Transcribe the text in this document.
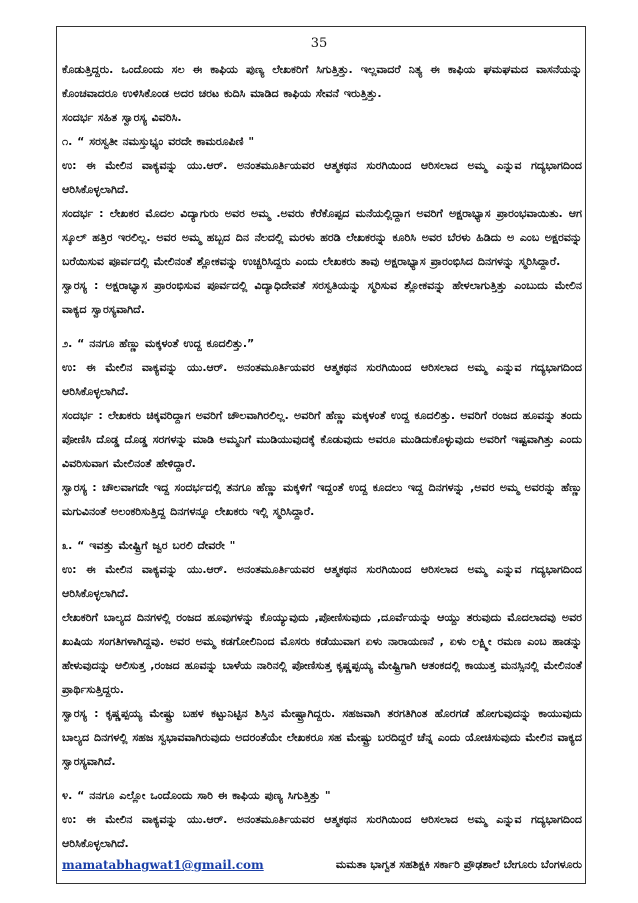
35

ಕೊಡುತ್ತಿದ್ದರು. ಒಂದೊಂದು ಸಲ ಈ ಕಾಫಿಯ ಪುಣ್ಯ ಲೇಖಕರಿಗೆ ಸಿಗುತ್ತಿತ್ತು. ಇಲ್ಲವಾದರೆ ನಿತ್ಯ ಈ ಕಾಫಿಯ ಘಮಘಮದ ವಾಸನೆಯನ್ನು ಕೊಂಚವಾದರೂ ಉಳಿಸಿಕೊಂಡ ಅದರ ಚರಟ ಕುದಿಸಿ ಮಾಡಿದ ಕಾಫಿಯ ಸೇವನೆ ಇರುತ್ತಿತ್ತು.

ಸಂದರ್ಭ ಸಹಿತ ಸ್ವಾರಸ್ಯ ವಿವರಿಸಿ.

೧. “ ಸರಸ್ವತೀ ನಮಸ್ತುಭ್ಯಂ ವರದೇ ಕಾಮರೂಪಿಣಿ "

ಉ: ಈ ಮೇಲಿನ ವಾಕ್ಯವನ್ನು ಯು.ಆರ್. ಅನಂತಮೂರ್ತಿಯವರ ಆತ್ಮಕಥನ ಸುರಗಿಯಿಂದ ಆರಿಸಲಾದ ಅಮ್ಮ ಎನ್ನುವ ಗದ್ಯಭಾಗದಿಂದ ಆರಿಸಿಕೊಳ್ಳಲಾಗಿದೆ.

ಸಂದರ್ಭ : ಲೇಖಕರ ಮೊದಲ ವಿದ್ಯಾಗುರು ಅವರ ಅಮ್ಮ .ಅವರು ಕೆರೆಕೊಪ್ಪದ ಮನೆಯಲ್ಲಿದ್ದಾಗ ಅವರಿಗೆ ಅಕ್ಷರಾಭ್ಯಾಸ ಪ್ರಾರಂಭವಾಯಿತು. ಆಗ ಸ್ಕೂಲ್ ಹತ್ತಿರ ಇರಲಿಲ್ಲ. ಅವರ ಅಮ್ಮ ಹಬ್ಬದ ದಿನ ನೆಲದಲ್ಲಿ ಮರಳು ಹರಡಿ ಲೇಖಕರನ್ನು ಕೂರಿಸಿ ಅವರ ಬೆರಳು ಹಿಡಿದು ಅ ಎಂಬ ಅಕ್ಷರವನ್ನು ಬರೆಯಿಸುವ ಪೂರ್ವದಲ್ಲಿ ಮೇಲಿನಂತೆ ಶ್ಲೋಕವನ್ನು ಉಚ್ಚರಿಸಿದ್ದರು ಎಂದು ಲೇಖಕರು ತಾವು ಅಕ್ಷರಾಭ್ಯಾಸ ಪ್ರಾರಂಭಿಸಿದ ದಿನಗಳನ್ನು ಸ್ಮರಿಸಿದ್ದಾರೆ.

ಸ್ವಾರಸ್ಯ : ಅಕ್ಷರಾಭ್ಯಾಸ ಪ್ರಾರಂಭಿಸುವ ಪೂರ್ವದಲ್ಲಿ ವಿದ್ಯಾಧಿದೇವತೆ ಸರಸ್ವತಿಯನ್ನು ಸ್ಮರಿಸುವ ಶ್ಲೋಕವನ್ನು ಹೇಳಲಾಗುತ್ತಿತ್ತು ಎಂಬುದು ಮೇಲಿನ ವಾಕ್ಯದ ಸ್ವಾರಸ್ಯವಾಗಿದೆ.

೨. “ ನನಗೂ ಹೆಣ್ಣು ಮಕ್ಕಳಂತೆ ಉದ್ದ ಕೂದಲಿತ್ತು.”

ಉ: ಈ ಮೇಲಿನ ವಾಕ್ಯವನ್ನು ಯು.ಆರ್. ಅನಂತಮೂರ್ತಿಯವರ ಆತ್ಮಕಥನ ಸುರಗಿಯಿಂದ ಆರಿಸಲಾದ ಅಮ್ಮ ಎನ್ನುವ ಗದ್ಯಭಾಗದಿಂದ ಆರಿಸಿಕೊಳ್ಳಲಾಗಿದೆ.

ಸಂದರ್ಭ : ಲೇಖಕರು ಚಿಕ್ಕವರಿದ್ದಾಗ ಅವರಿಗೆ ಚೌಲವಾಗಿರಲಿಲ್ಲ. ಅವರಿಗೆ ಹೆಣ್ಣು ಮಕ್ಕಳಂತೆ ಉದ್ದ ಕೂದಲಿತ್ತು. ಅವರಿಗೆ ರಂಜದ ಹೂವನ್ನು ತಂದು ಪೋಣಿಸಿ ದೊಡ್ಡ ದೊಡ್ಡ ಸರಗಳನ್ನು ಮಾಡಿ ಅಮ್ಮನಿಗೆ ಮುಡಿಯುವುದಕ್ಕೆ ಕೊಡುವುದು ಅವರೂ ಮುಡಿದುಕೊಳ್ಳುವುದು ಅವರಿಗೆ ಇಷ್ಟವಾಗಿತ್ತು ಎಂದು ವಿವರಿಸುವಾಗ ಮೇಲಿನಂತೆ ಹೇಳಿದ್ದಾರೆ.

ಸ್ವಾರಸ್ಯ : ಚೌಲವಾಗದೇ ಇದ್ದ ಸಂದರ್ಭದಲ್ಲಿ ತನಗೂ ಹೆಣ್ಣು ಮಕ್ಕಳಿಗೆ ಇದ್ದಂತೆ ಉದ್ದ ಕೂದಲು ಇದ್ದ ದಿನಗಳನ್ನು ,ಅವರ ಅಮ್ಮ ಅವರನ್ನು ಹೆಣ್ಣು ಮಗುವಿನಂತೆ ಅಲಂಕರಿಸುತ್ತಿದ್ದ ದಿನಗಳನ್ನೂ ಲೇಖಕರು ಇಲ್ಲಿ ಸ್ಮರಿಸಿದ್ದಾರೆ.

೩. “ ಇವತ್ತು ಮೇಷ್ಟ್ರಿಗೆ ಜ್ವರ ಬರಲಿ ದೇವರೇ "

ಉ: ಈ ಮೇಲಿನ ವಾಕ್ಯವನ್ನು ಯು.ಆರ್. ಅನಂತಮೂರ್ತಿಯವರ ಆತ್ಮಕಥನ ಸುರಗಿಯಿಂದ ಆರಿಸಲಾದ ಅಮ್ಮ ಎನ್ನುವ ಗದ್ಯಭಾಗದಿಂದ ಆರಿಸಿಕೊಳ್ಳಲಾಗಿದೆ.

ಲೇಖಕರಿಗೆ ಬಾಲ್ಯದ ದಿನಗಳಲ್ಲಿ ರಂಜದ ಹೂವುಗಳನ್ನು ಕೊಯ್ಯುವುದು ,ಪೋಣಿಸುವುದು ,ದೂರ್ವೆಯನ್ನು ಆಯ್ದು ತರುವುದು ಮೊದಲಾದವು ಅವರ ಖುಷಿಯ ಸಂಗತಿಗಳಾಗಿದ್ದವು. ಅವರ ಅಮ್ಮ ಕಡಗೋಲಿನಿಂದ ಮೊಸರು ಕಡೆಯುವಾಗ ಏಳು ನಾರಾಯಣನೆ , ಏಳು ಲಕ್ಷ್ಮೀ ರಮಣ ಎಂಬ ಹಾಡನ್ನು ಹೇಳುವುದನ್ನು ಆಲಿಸುತ್ತ ,ರಂಜದ ಹೂವನ್ನು ಬಾಳೆಯ ನಾರಿನಲ್ಲಿ ಪೋಣಿಸುತ್ತ ಕೃಷ್ಣಪ್ಪಯ್ಯ ಮೇಷ್ಟ್ರಿಗಾಗಿ ಆತಂಕದಲ್ಲಿ ಕಾಯುತ್ತ ಮನಸ್ಸಿನಲ್ಲಿ ಮೇಲಿನಂತೆ ಪ್ರಾರ್ಥಿಸುತ್ತಿದ್ದರು.

ಸ್ವಾರಸ್ಯ : ಕೃಷ್ಣಪ್ಪಯ್ಯ ಮೇಷ್ಟ್ರು ಬಹಳ ಕಟ್ಟುನಿಟ್ಟಿನ ಶಿಸ್ತಿನ ಮೇಷ್ಟ್ರಾಗಿದ್ದರು. ಸಹಜವಾಗಿ ತರಗತಿಗಿಂತ ಹೊರಗಡೆ ಹೋಗುವುದನ್ನು ಕಾಯುವುದು ಬಾಲ್ಯದ ದಿನಗಳಲ್ಲಿ ಸಹಜ ಸ್ವಭಾವವಾಗಿರುವುದು ಅದರಂತೆಯೇ ಲೇಖಕರೂ ಸಹ ಮೇಷ್ಟ್ರು ಬರದಿದ್ದರೆ ಚೆನ್ನ ಎಂದು ಯೋಚಿಸುವುದು ಮೇಲಿನ ವಾಕ್ಯದ ಸ್ವಾರಸ್ಯವಾಗಿದೆ.

೪. “ ನನಗೂ ಎಲ್ಲೋ ಒಂದೊಂದು ಸಾರಿ ಈ ಕಾಫಿಯ ಪುಣ್ಯ ಸಿಗುತ್ತಿತ್ತು "

ಉ: ಈ ಮೇಲಿನ ವಾಕ್ಯವನ್ನು ಯು.ಆರ್. ಅನಂತಮೂರ್ತಿಯವರ ಆತ್ಮಕಥನ ಸುರಗಿಯಿಂದ ಆರಿಸಲಾದ ಅಮ್ಮ ಎನ್ನುವ ಗದ್ಯಭಾಗದಿಂದ ಆರಿಸಿಕೊಳ್ಳಲಾಗಿದೆ.

mamatabhagwat1@gmail.com	ಮಮತಾ ಭಾಗ್ವತ ಸಹಶಿಕ್ಷಕಿ ಸರ್ಕಾರಿ ಪ್ರೌಢಶಾಲೆ ಬೇಗೂರು ಬೆಂಗಳೂರು
